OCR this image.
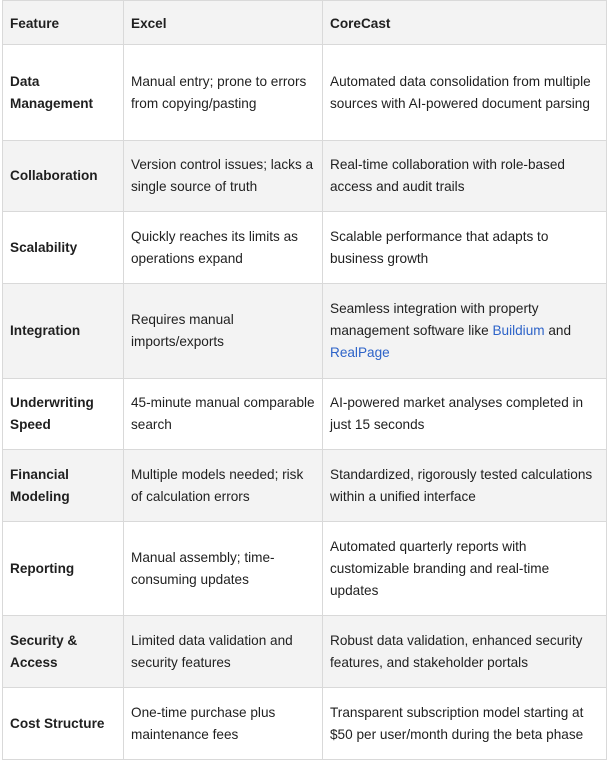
Feature	Excel	CoreCast
Data Management	Manual entry; prone to errors from copying/pasting	Automated data consolidation from multiple sources with AI-powered document parsing
Collaboration	Version control issues; lacks a single source of truth	Real-time collaboration with role-based access and audit trails
Scalability	Quickly reaches its limits as operations expand	Scalable performance that adapts to business growth
Integration	Requires manual imports/exports	Seamless integration with property management software like Buildium and RealPage
Underwriting Speed	45-minute manual comparable search	AI-powered market analyses completed in just 15 seconds
Financial Modeling	Multiple models needed; risk of calculation errors	Standardized, rigorously tested calculations within a unified interface
Reporting	Manual assembly; time-consuming updates	Automated quarterly reports with customizable branding and real-time updates
Security & Access	Limited data validation and security features	Robust data validation, enhanced security features, and stakeholder portals
Cost Structure	One-time purchase plus maintenance fees	Transparent subscription model starting at $50 per user/month during the beta phase
